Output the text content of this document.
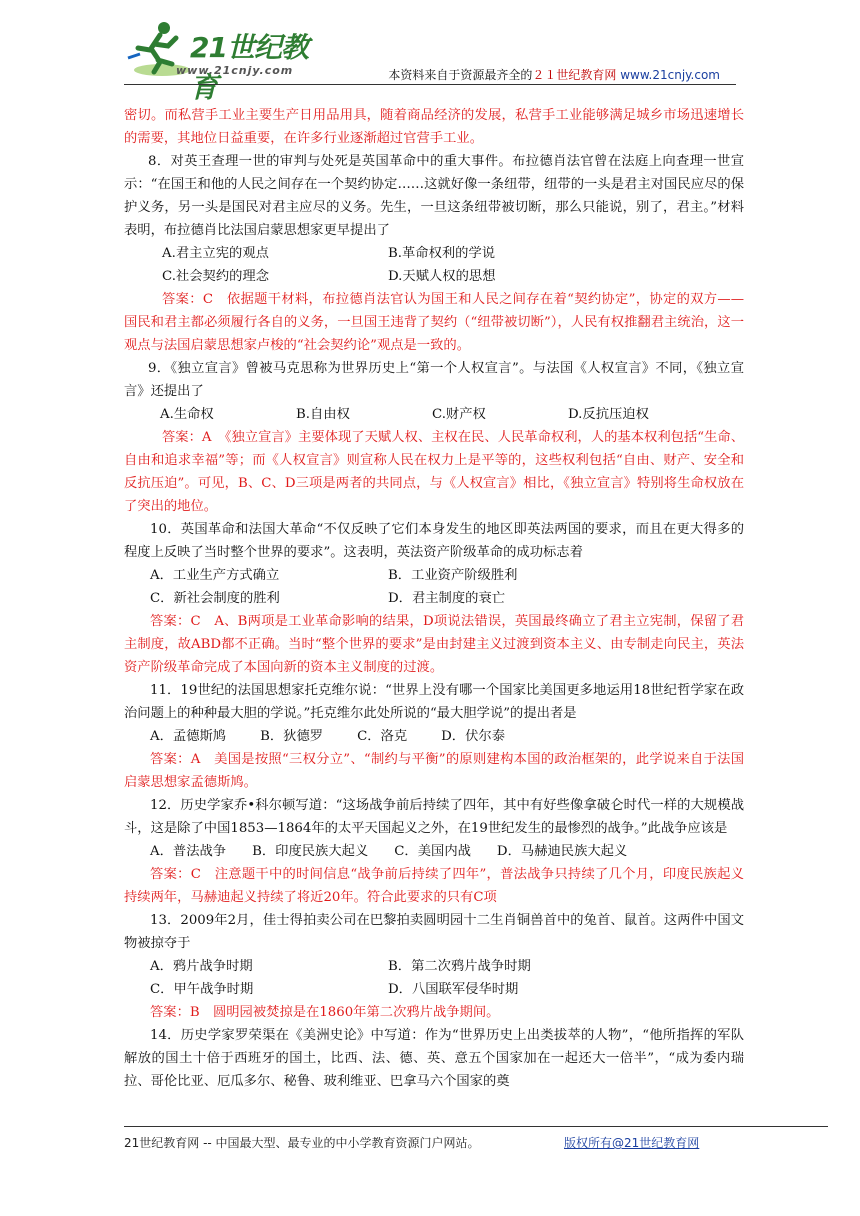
21世纪教育
www.21cnjy.com	本资料来自于资源最齐全的２１世纪教育网 www.21cnjy.com

密切。而私营手工业主要生产日用品用具，随着商品经济的发展，私营手工业能够满足城乡市场迅速增长的需要，其地位日益重要，在许多行业逐渐超过官营手工业。

8．对英王查理一世的审判与处死是英国革命中的重大事件。布拉德肖法官曾在法庭上向查理一世宣示：“在国王和他的人民之间存在一个契约协定……这就好像一条纽带，纽带的一头是君主对国民应尽的保护义务，另一头是国民对君主应尽的义务。先生，一旦这条纽带被切断，那么只能说，别了，君主。”材料表明，布拉德肖比法国启蒙思想家更早提出了

A.君主立宪的观点	B.革命权利的学说
C.社会契约的理念	D.天赋人权的思想

答案：C　依据题干材料，布拉德肖法官认为国王和人民之间存在着“契约协定”，协定的双方——国民和君主都必须履行各自的义务，一旦国王违背了契约（“纽带被切断”），人民有权推翻君主统治，这一观点与法国启蒙思想家卢梭的“社会契约论”观点是一致的。

9．《独立宣言》曾被马克思称为世界历史上“第一个人权宣言”。与法国《人权宣言》不同，《独立宣言》还提出了

A.生命权	B.自由权	C.财产权	D.反抗压迫权

答案：A　《独立宣言》主要体现了天赋人权、主权在民、人民革命权利，人的基本权利包括“生命、自由和追求幸福”等；而《人权宣言》则宣称人民在权力上是平等的，这些权利包括“自由、财产、安全和反抗压迫”。可见，B、C、D三项是两者的共同点，与《人权宣言》相比，《独立宣言》特别将生命权放在了突出的地位。

10．英国革命和法国大革命“不仅反映了它们本身发生的地区即英法两国的要求，而且在更大得多的程度上反映了当时整个世界的要求”。这表明，英法资产阶级革命的成功标志着

A．工业生产方式确立	B．工业资产阶级胜利
C．新社会制度的胜利	D．君主制度的衰亡

答案：C　A、B两项是工业革命影响的结果，D项说法错误，英国最终确立了君主立宪制，保留了君主制度，故ABD都不正确。当时“整个世界的要求”是由封建主义过渡到资本主义、由专制走向民主，英法资产阶级革命完成了本国向新的资本主义制度的过渡。

11．19世纪的法国思想家托克维尔说：“世界上没有哪一个国家比美国更多地运用18世纪哲学家在政治问题上的种种最大胆的学说。”托克维尔此处所说的“最大胆学说”的提出者是

A．孟德斯鸠	B．狄德罗	C．洛克	D．伏尔泰

答案：A　美国是按照“三权分立”、“制约与平衡”的原则建构本国的政治框架的，此学说来自于法国启蒙思想家孟德斯鸠。

12．历史学家乔•科尔顿写道：“这场战争前后持续了四年，其中有好些像拿破仑时代一样的大规模战斗，这是除了中国1853—1864年的太平天国起义之外，在19世纪发生的最惨烈的战争。”此战争应该是

A．普法战争 B．印度民族大起义 C．美国内战 D．马赫迪民族大起义

答案：C　注意题干中的时间信息“战争前后持续了四年”，普法战争只持续了几个月，印度民族起义持续两年，马赫迪起义持续了将近20年。符合此要求的只有C项

13．2009年2月，佳士得拍卖公司在巴黎拍卖圆明园十二生肖铜兽首中的兔首、鼠首。这两件中国文物被掠夺于

A．鸦片战争时期	B．第二次鸦片战争时期
C．甲午战争时期	D．八国联军侵华时期

答案：B　圆明园被焚掠是在1860年第二次鸦片战争期间。

14．历史学家罗荣渠在《美洲史论》中写道：作为“世界历史上出类拔萃的人物”，“他所指挥的军队解放的国土十倍于西班牙的国土，比西、法、德、英、意五个国家加在一起还大一倍半”，“成为委内瑞拉、哥伦比亚、厄瓜多尔、秘鲁、玻利维亚、巴拿马六个国家的奠

21世纪教育网 -- 中国最大型、最专业的中小学教育资源门户网站。	版权所有@21世纪教育网
